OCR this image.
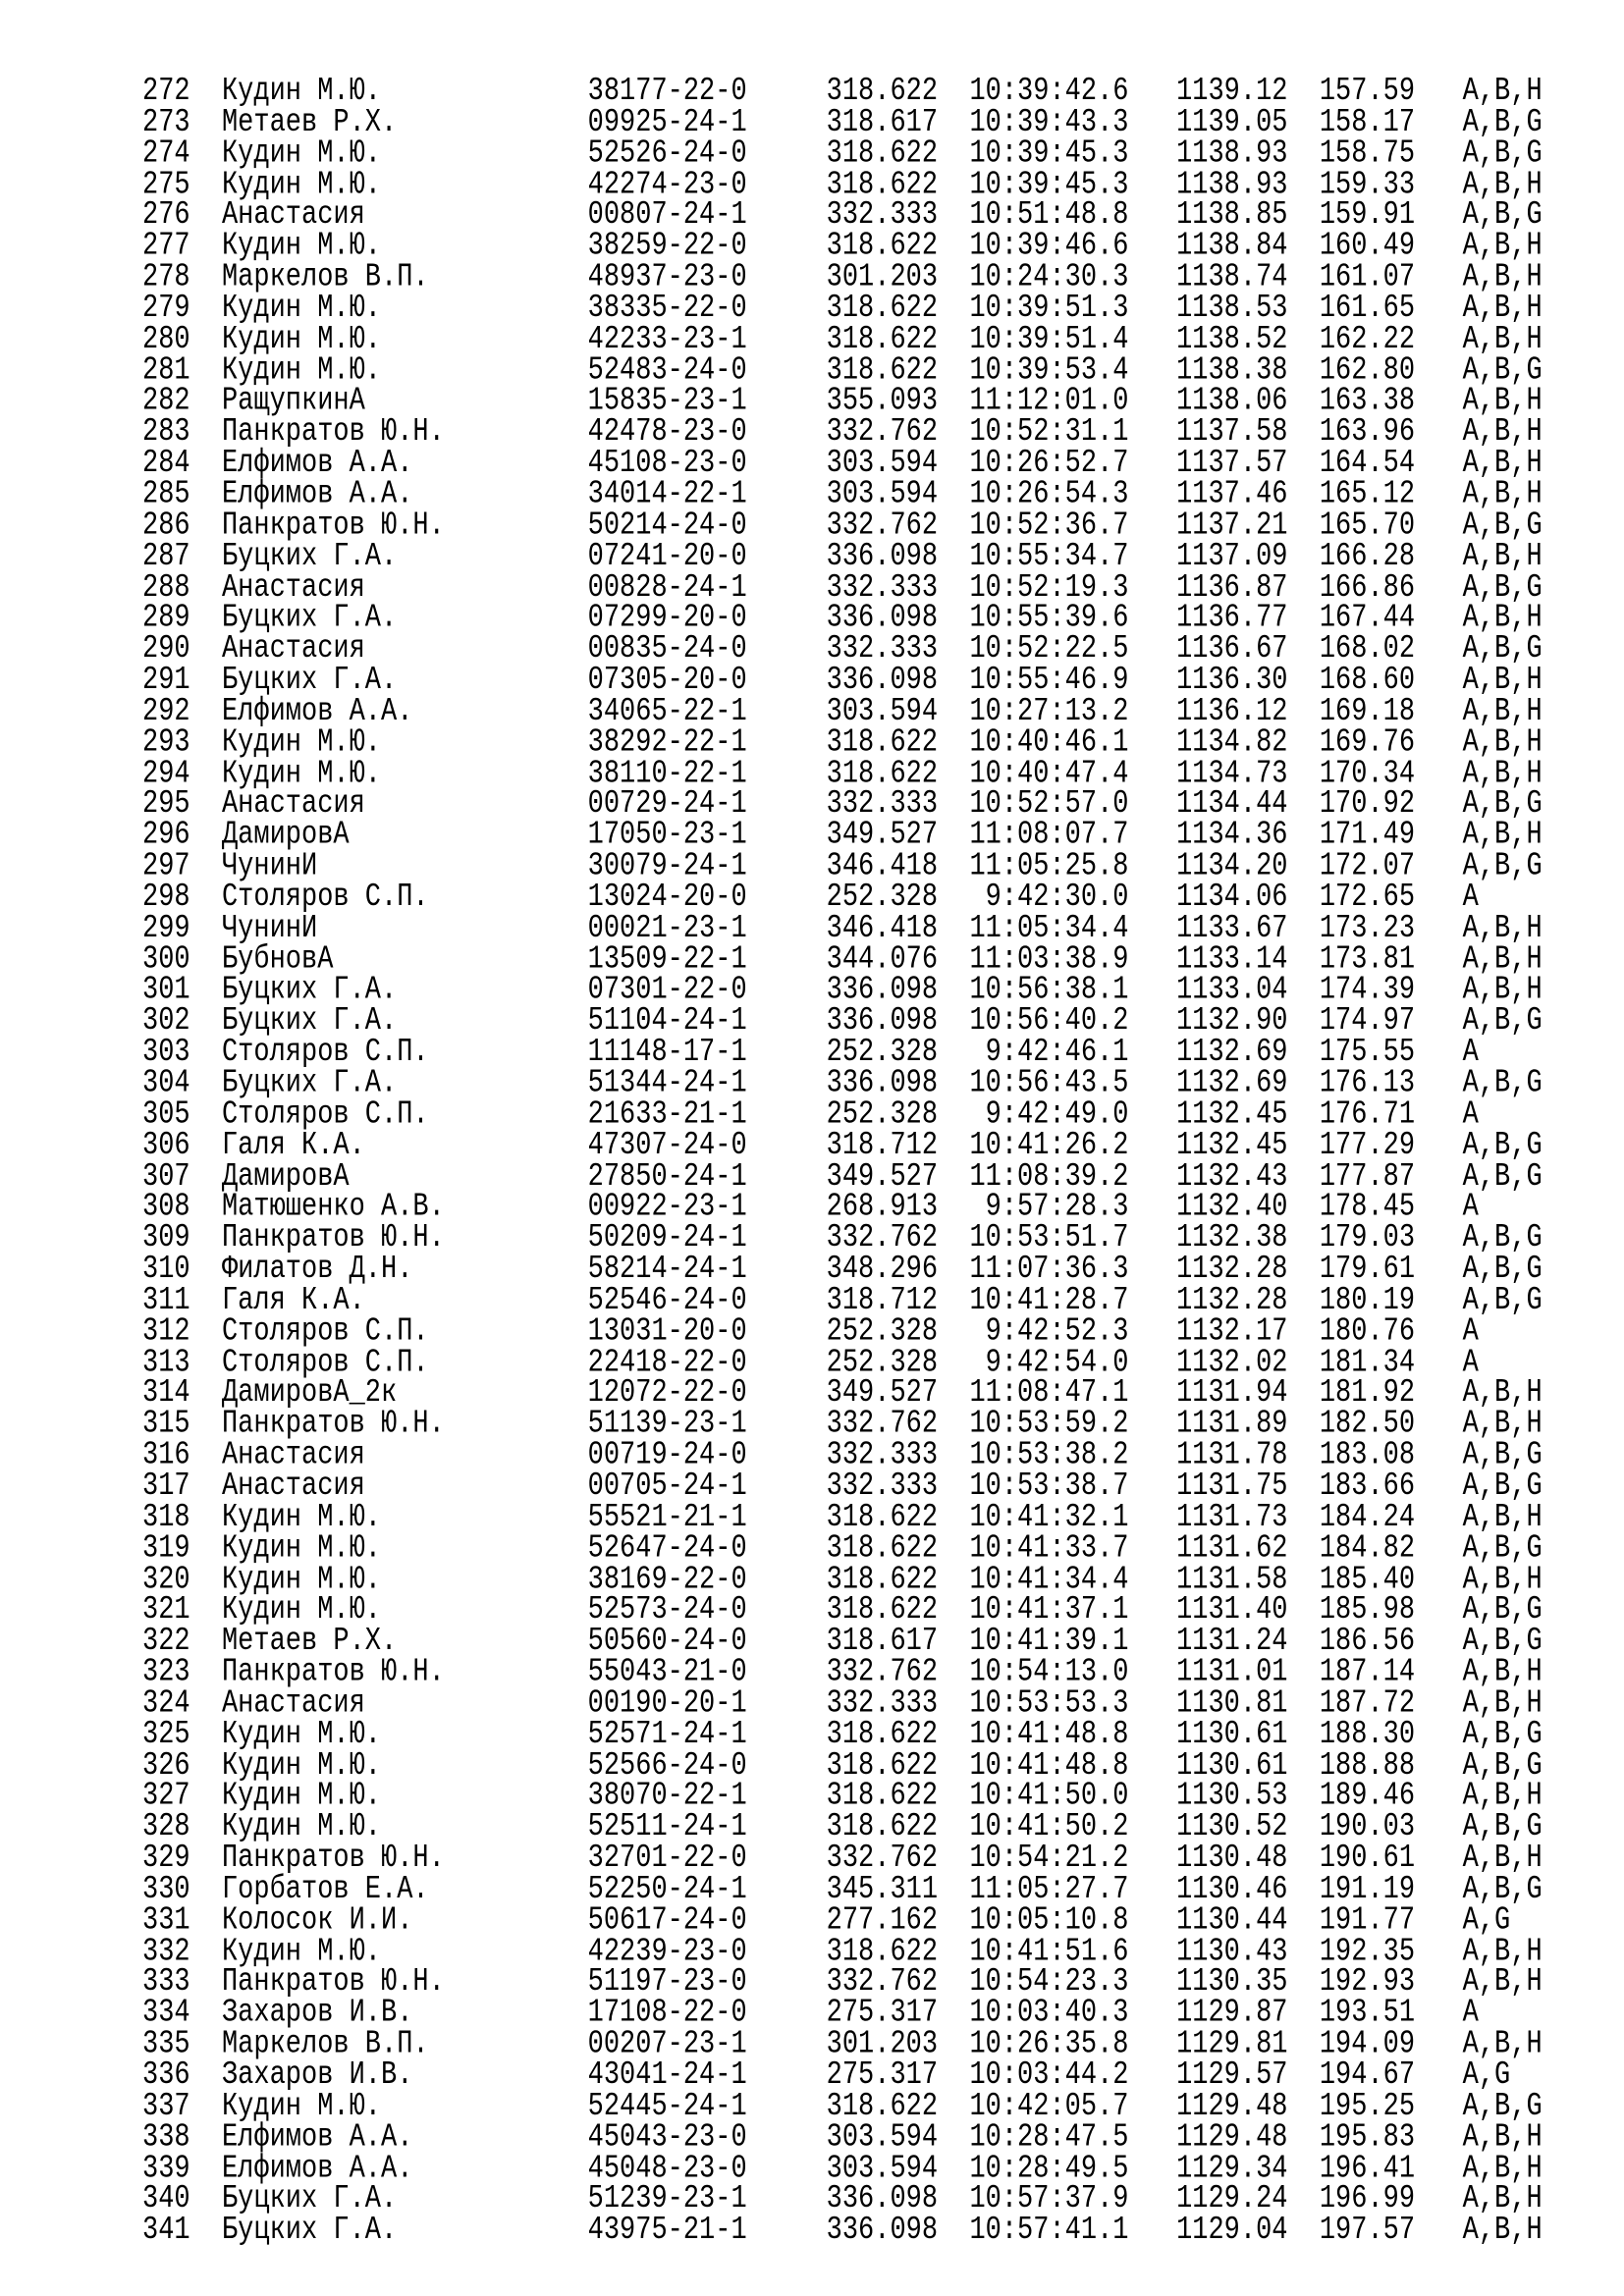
272 Кудин М.Ю.	38177-22-0	318.622 10:39:42.6 1139.12 157.59 A,B,H
273 Метаев Р.Х.	09925-24-1	318.617 10:39:43.3 1139.05 158.17 A,B,G
274 Кудин М.Ю.	52526-24-0	318.622 10:39:45.3 1138.93 158.75 A,B,G
275 Кудин М.Ю.	42274-23-0	318.622 10:39:45.3 1138.93 159.33 A,B,H
276 Анастасия	00807-24-1	332.333 10:51:48.8 1138.85 159.91 A,B,G
277 Кудин М.Ю.	38259-22-0	318.622 10:39:46.6 1138.84 160.49 A,B,H
278 Маркелов В.П.	48937-23-0	301.203 10:24:30.3 1138.74 161.07 A,B,H
279 Кудин М.Ю.	38335-22-0	318.622 10:39:51.3 1138.53 161.65 A,B,H
280 Кудин М.Ю.	42233-23-1	318.622 10:39:51.4 1138.52 162.22 A,B,H
281 Кудин М.Ю.	52483-24-0	318.622 10:39:53.4 1138.38 162.80 A,B,G
282 РащупкинА	15835-23-1	355.093 11:12:01.0 1138.06 163.38 A,B,H
283 Панкратов Ю.Н.	42478-23-0	332.762 10:52:31.1 1137.58 163.96 A,B,H
284 Елфимов А.А.	45108-23-0	303.594 10:26:52.7 1137.57 164.54 A,B,H
285 Елфимов А.А.	34014-22-1	303.594 10:26:54.3 1137.46 165.12 A,B,H
286 Панкратов Ю.Н.	50214-24-0	332.762 10:52:36.7 1137.21 165.70 A,B,G
287 Буцких Г.А.	07241-20-0	336.098 10:55:34.7 1137.09 166.28 A,B,H
288 Анастасия	00828-24-1	332.333 10:52:19.3 1136.87 166.86 A,B,G
289 Буцких Г.А.	07299-20-0	336.098 10:55:39.6 1136.77 167.44 A,B,H
290 Анастасия	00835-24-0	332.333 10:52:22.5 1136.67 168.02 A,B,G
291 Буцких Г.А.	07305-20-0	336.098 10:55:46.9 1136.30 168.60 A,B,H
292 Елфимов А.А.	34065-22-1	303.594 10:27:13.2 1136.12 169.18 A,B,H
293 Кудин М.Ю.	38292-22-1	318.622 10:40:46.1 1134.82 169.76 A,B,H
294 Кудин М.Ю.	38110-22-1	318.622 10:40:47.4 1134.73 170.34 A,B,H
295 Анастасия	00729-24-1	332.333 10:52:57.0 1134.44 170.92 A,B,G
296 ДамировА	17050-23-1	349.527 11:08:07.7 1134.36 171.49 A,B,H
297 ЧунинИ	30079-24-1	346.418 11:05:25.8 1134.20 172.07 A,B,G
298 Столяров С.П.	13024-20-0	252.328 9:42:30.0 1134.06 172.65 A
299 ЧунинИ	00021-23-1	346.418 11:05:34.4 1133.67 173.23 A,B,H
300 БубновА	13509-22-1	344.076 11:03:38.9 1133.14 173.81 A,B,H
301 Буцких Г.А.	07301-22-0	336.098 10:56:38.1 1133.04 174.39 A,B,H
302 Буцких Г.А.	51104-24-1	336.098 10:56:40.2 1132.90 174.97 A,B,G
303 Столяров С.П.	11148-17-1	252.328 9:42:46.1 1132.69 175.55 A
304 Буцких Г.А.	51344-24-1	336.098 10:56:43.5 1132.69 176.13 A,B,G
305 Столяров С.П.	21633-21-1	252.328 9:42:49.0 1132.45 176.71 A
306 Галя К.А.	47307-24-0	318.712 10:41:26.2 1132.45 177.29 A,B,G
307 ДамировА	27850-24-1	349.527 11:08:39.2 1132.43 177.87 A,B,G
308 Матюшенко А.В.	00922-23-1	268.913 9:57:28.3 1132.40 178.45 A
309 Панкратов Ю.Н.	50209-24-1	332.762 10:53:51.7 1132.38 179.03 A,B,G
310 Филатов Д.Н.	58214-24-1	348.296 11:07:36.3 1132.28 179.61 A,B,G
311 Галя К.А.	52546-24-0	318.712 10:41:28.7 1132.28 180.19 A,B,G
312 Столяров С.П.	13031-20-0	252.328 9:42:52.3 1132.17 180.76 A
313 Столяров С.П.	22418-22-0	252.328 9:42:54.0 1132.02 181.34 A
314 ДамировА_2к	12072-22-0	349.527 11:08:47.1 1131.94 181.92 A,B,H
315 Панкратов Ю.Н.	51139-23-1	332.762 10:53:59.2 1131.89 182.50 A,B,H
316 Анастасия	00719-24-0	332.333 10:53:38.2 1131.78 183.08 A,B,G
317 Анастасия	00705-24-1	332.333 10:53:38.7 1131.75 183.66 A,B,G
318 Кудин М.Ю.	55521-21-1	318.622 10:41:32.1 1131.73 184.24 A,B,H
319 Кудин М.Ю.	52647-24-0	318.622 10:41:33.7 1131.62 184.82 A,B,G
320 Кудин М.Ю.	38169-22-0	318.622 10:41:34.4 1131.58 185.40 A,B,H
321 Кудин М.Ю.	52573-24-0	318.622 10:41:37.1 1131.40 185.98 A,B,G
322 Метаев Р.Х.	50560-24-0	318.617 10:41:39.1 1131.24 186.56 A,B,G
323 Панкратов Ю.Н.	55043-21-0	332.762 10:54:13.0 1131.01 187.14 A,B,H
324 Анастасия	00190-20-1	332.333 10:53:53.3 1130.81 187.72 A,B,H
325 Кудин М.Ю.	52571-24-1	318.622 10:41:48.8 1130.61 188.30 A,B,G
326 Кудин М.Ю.	52566-24-0	318.622 10:41:48.8 1130.61 188.88 A,B,G
327 Кудин М.Ю.	38070-22-1	318.622 10:41:50.0 1130.53 189.46 A,B,H
328 Кудин М.Ю.	52511-24-1	318.622 10:41:50.2 1130.52 190.03 A,B,G
329 Панкратов Ю.Н.	32701-22-0	332.762 10:54:21.2 1130.48 190.61 A,B,H
330 Горбатов Е.А.	52250-24-1	345.311 11:05:27.7 1130.46 191.19 A,B,G
331 Колосок И.И.	50617-24-0	277.162 10:05:10.8 1130.44 191.77 A,G
332 Кудин М.Ю.	42239-23-0	318.622 10:41:51.6 1130.43 192.35 A,B,H
333 Панкратов Ю.Н.	51197-23-0	332.762 10:54:23.3 1130.35 192.93 A,B,H
334 Захаров И.В.	17108-22-0	275.317 10:03:40.3 1129.87 193.51 A
335 Маркелов В.П.	00207-23-1	301.203 10:26:35.8 1129.81 194.09 A,B,H
336 Захаров И.В.	43041-24-1	275.317 10:03:44.2 1129.57 194.67 A,G
337 Кудин М.Ю.	52445-24-1	318.622 10:42:05.7 1129.48 195.25 A,B,G
338 Елфимов А.А.	45043-23-0	303.594 10:28:47.5 1129.48 195.83 A,B,H
339 Елфимов А.А.	45048-23-0	303.594 10:28:49.5 1129.34 196.41 A,B,H
340 Буцких Г.А.	51239-23-1	336.098 10:57:37.9 1129.24 196.99 A,B,H
341 Буцких Г.А.	43975-21-1	336.098 10:57:41.1 1129.04 197.57 A,B,H
